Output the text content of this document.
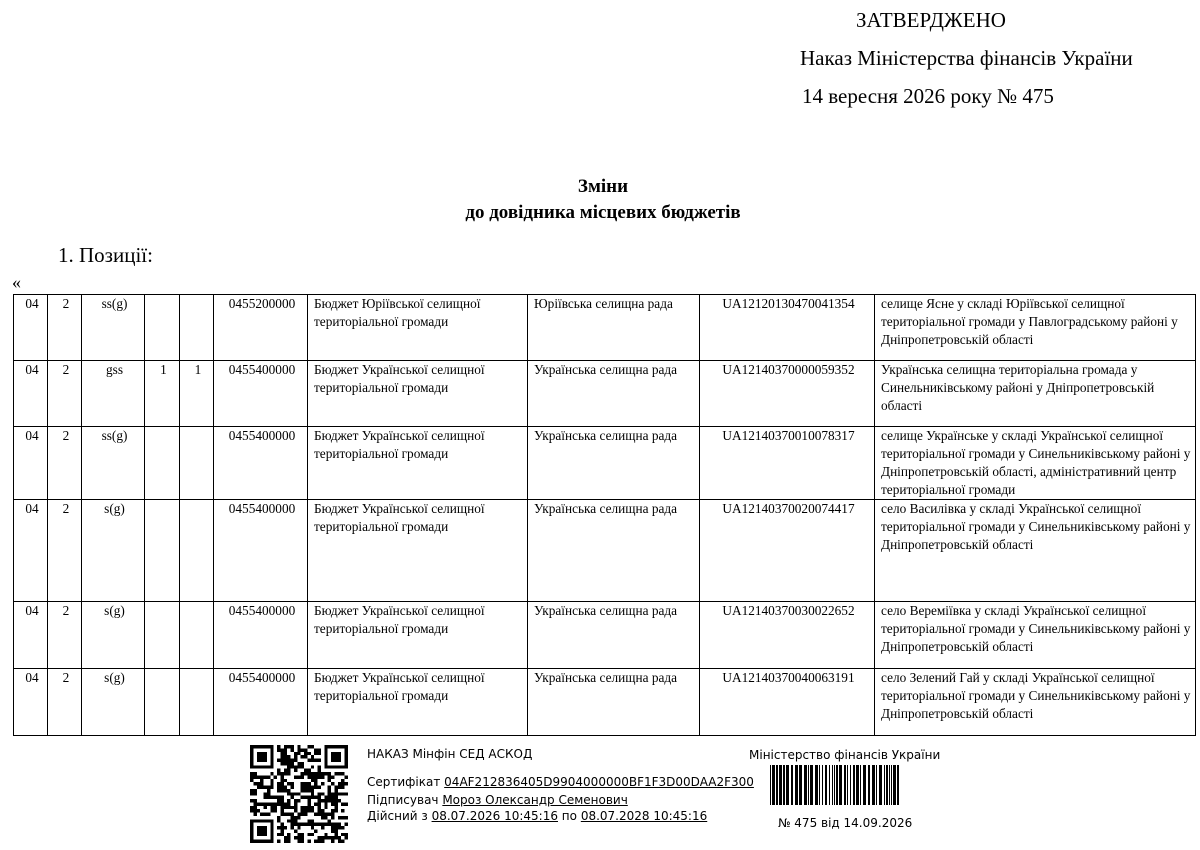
ЗАТВЕРДЖЕНО
Наказ Міністерства фінансів України
14 вересня 2026 року № 475
Зміни
до довідника місцевих бюджетів
1. Позиції:
«
04	2	ss(g)			0455200000	Бюджет Юріївської селищної територіальної громади	Юріївська селищна рада	UA12120130470041354	селище Ясне у складі Юріївської селищної територіальної громади у Павлоградському районі у Дніпропетровській області
04	2	gss	1	1	0455400000	Бюджет Української селищної територіальної громади	Українська селищна рада	UA12140370000059352	Українська селищна територіальна громада у Синельниківському районі у Дніпропетровській області
04	2	ss(g)			0455400000	Бюджет Української селищної територіальної громади	Українська селищна рада	UA12140370010078317	селище Українське у складі Української селищної територіальної громади у Синельниківському районі у Дніпропетровській області, адміністративний центр територіальної громади
04	2	s(g)			0455400000	Бюджет Української селищної територіальної громади	Українська селищна рада	UA12140370020074417	село Василівка у складі Української селищної територіальної громади у Синельниківському районі у Дніпропетровській області
04	2	s(g)			0455400000	Бюджет Української селищної територіальної громади	Українська селищна рада	UA12140370030022652	село Вереміївка у складі Української селищної територіальної громади у Синельниківському районі у Дніпропетровській області
04	2	s(g)			0455400000	Бюджет Української селищної територіальної громади	Українська селищна рада	UA12140370040063191	село Зелений Гай у складі Української селищної територіальної громади у Синельниківському районі у Дніпропетровській області
НАКАЗ Мінфін СЕД АСКОД
Сертифікат 04AF212836405D9904000000BF1F3D00DAA2F300
Підписувач Мороз Олександр Семенович
Дійсний з 08.07.2026 10:45:16 по 08.07.2028 10:45:16
Міністерство фінансів України
№ 475 від 14.09.2026
